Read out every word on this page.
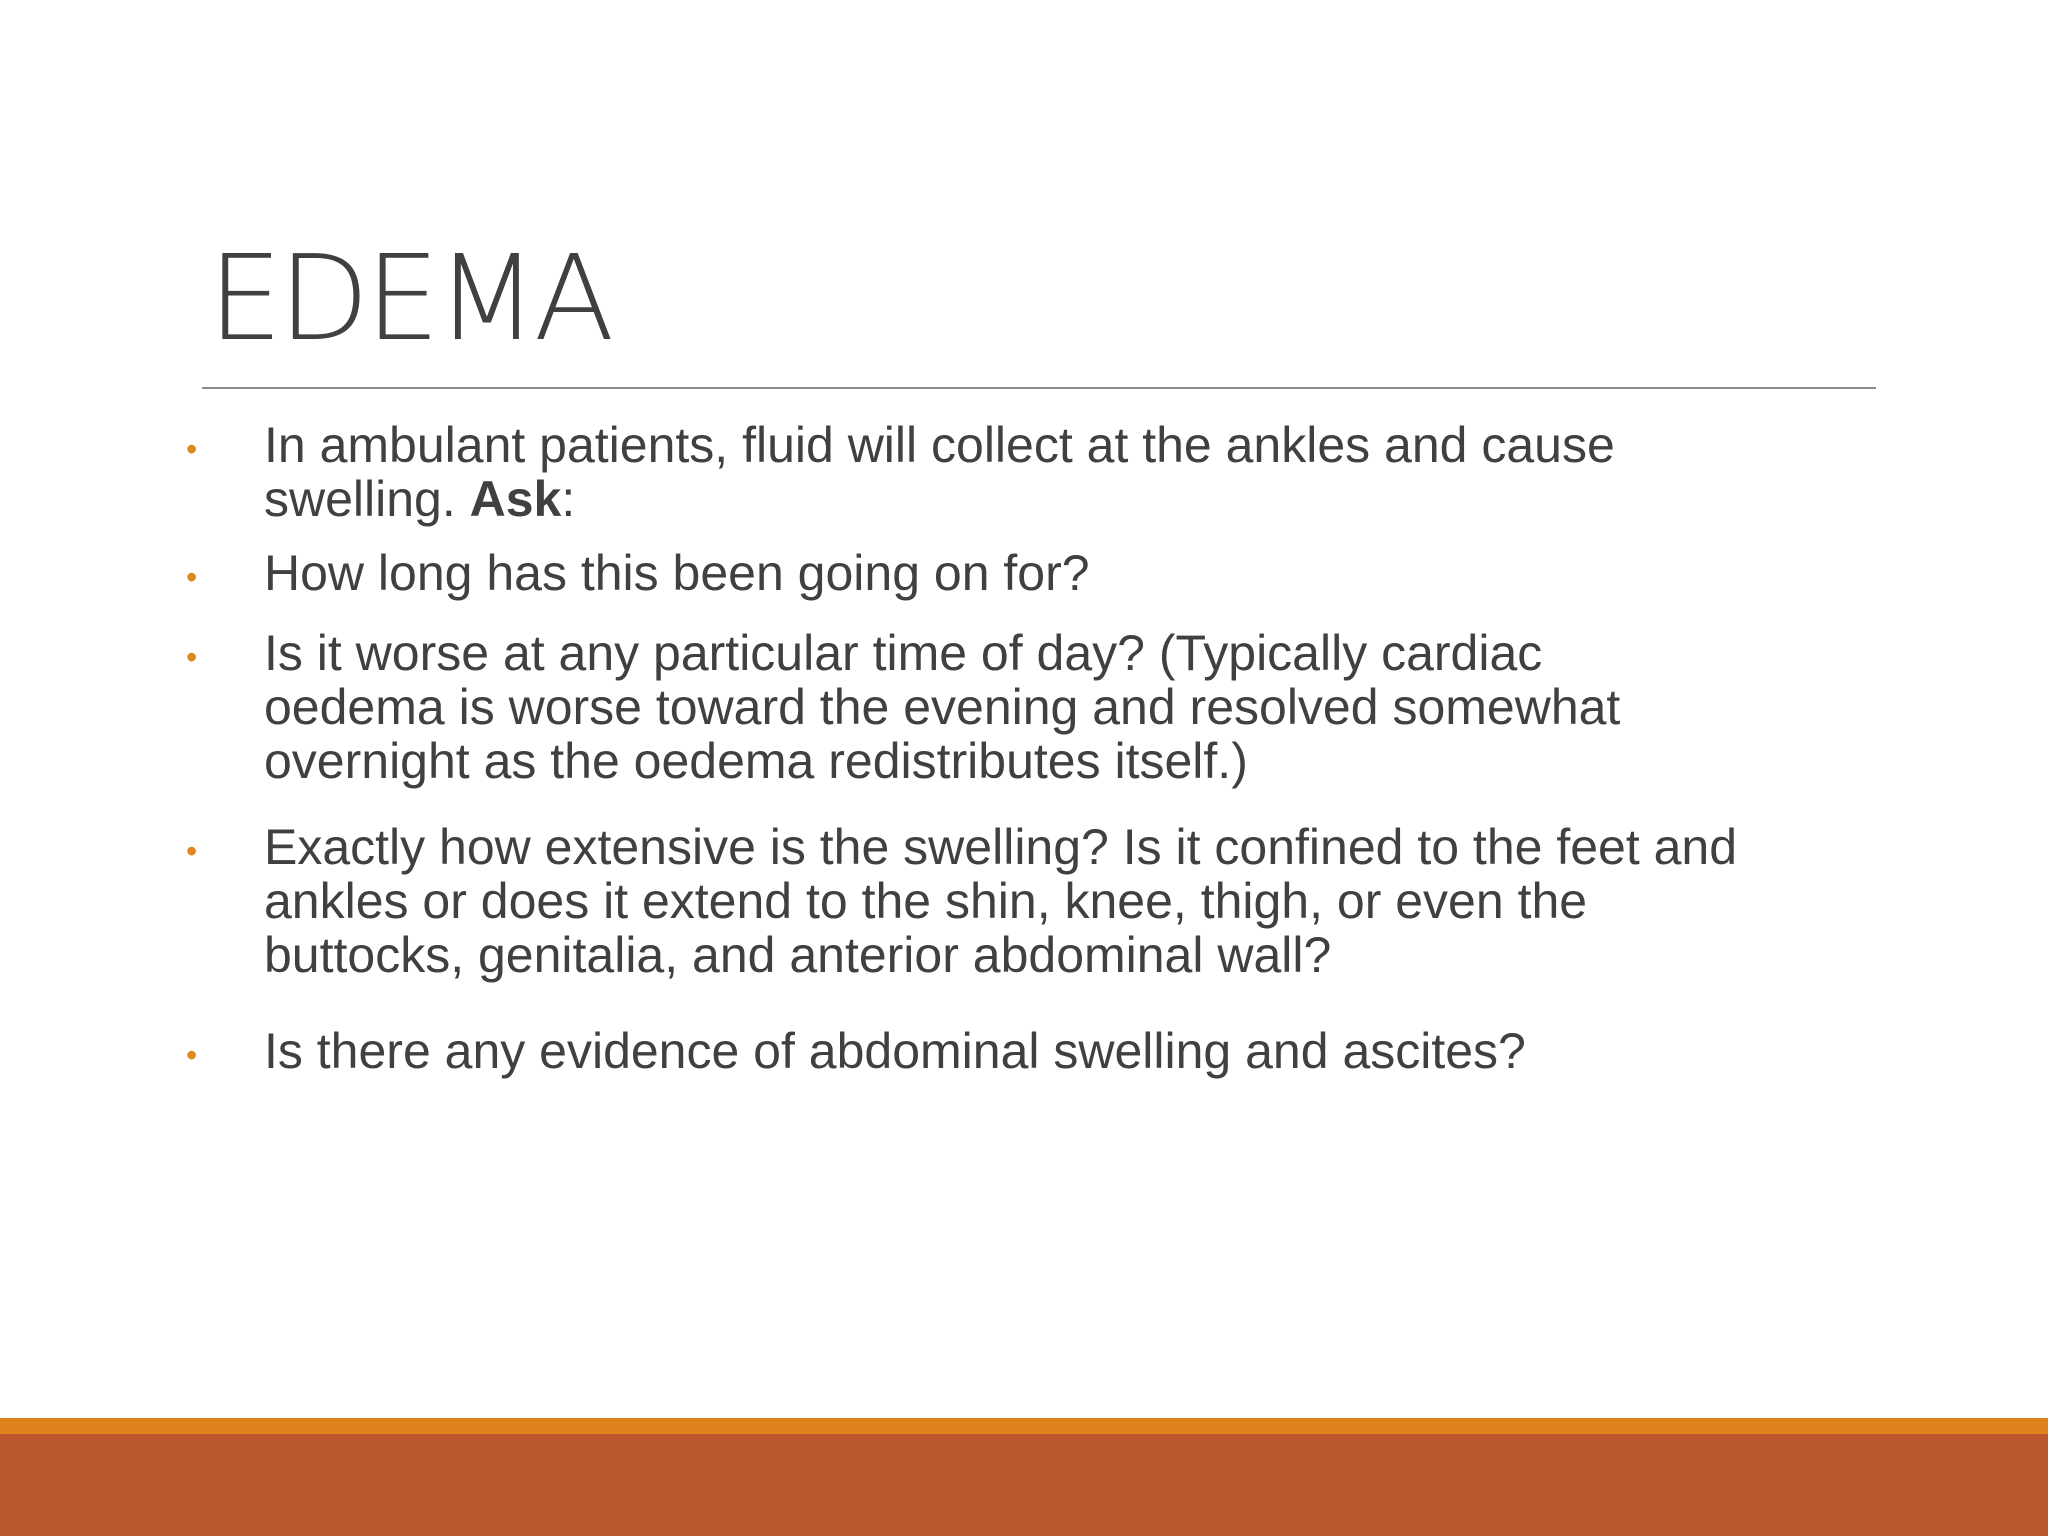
EDEMA
• In ambulant patients, fluid will collect at the ankles and cause
swelling. Ask:
• How long has this been going on for?
• Is it worse at any particular time of day? (Typically cardiac
oedema is worse toward the evening and resolved somewhat
overnight as the oedema redistributes itself.)
• Exactly how extensive is the swelling? Is it confined to the feet and
ankles or does it extend to the shin, knee, thigh, or even the
buttocks, genitalia, and anterior abdominal wall?
• Is there any evidence of abdominal swelling and ascites?
